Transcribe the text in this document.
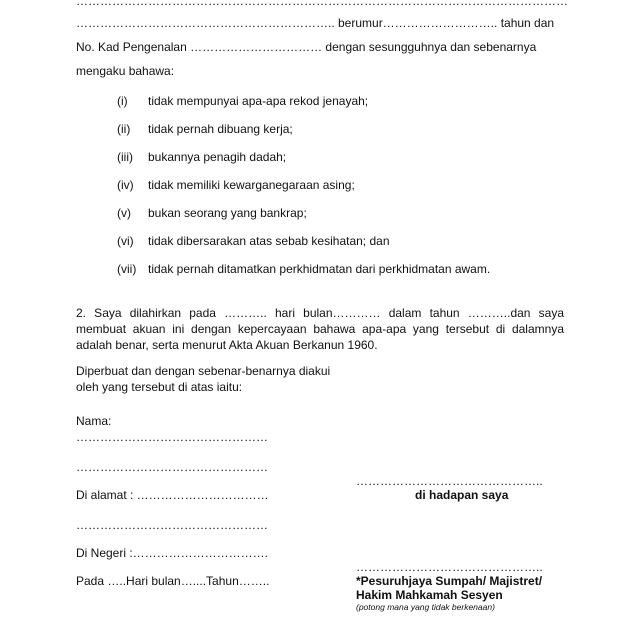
……………………………………………………………………………………………………………
……………………………………………………….. berumur……………………….. tahun dan
No. Kad Pengenalan …………………………… dengan sesungguhnya dan sebenarnya
mengaku bahawa:
(i) tidak mempunyai apa-apa rekod jenayah;
(ii) tidak pernah dibuang kerja;
(iii) bukannya penagih dadah;
(iv) tidak memiliki kewarganegaraan asing;
(v) bukan seorang yang bankrap;
(vi) tidak dibersarakan atas sebab kesihatan; dan
(vii) tidak pernah ditamatkan perkhidmatan dari perkhidmatan awam.
2. Saya dilahirkan pada ……….. hari bulan………… dalam tahun ………..dan saya
membuat akuan ini dengan kepercayaan bahawa apa-apa yang tersebut di dalamnya
adalah benar, serta menurut Akta Akuan Berkanun 1960.
Diperbuat dan dengan sebenar-benarnya diakui
oleh yang tersebut di atas iaitu:
Nama:
…………………………………………
…………………………………………
Di alamat : ……………………………
…………………………………………
Di Negeri :…………………………….
Pada …..Hari bulan…....Tahun……..
………………………………………..
di hadapan saya
………………………………………..
*Pesuruhjaya Sumpah/ Majistret/
Hakim Mahkamah Sesyen
(potong mana yang tidak berkenaan)
